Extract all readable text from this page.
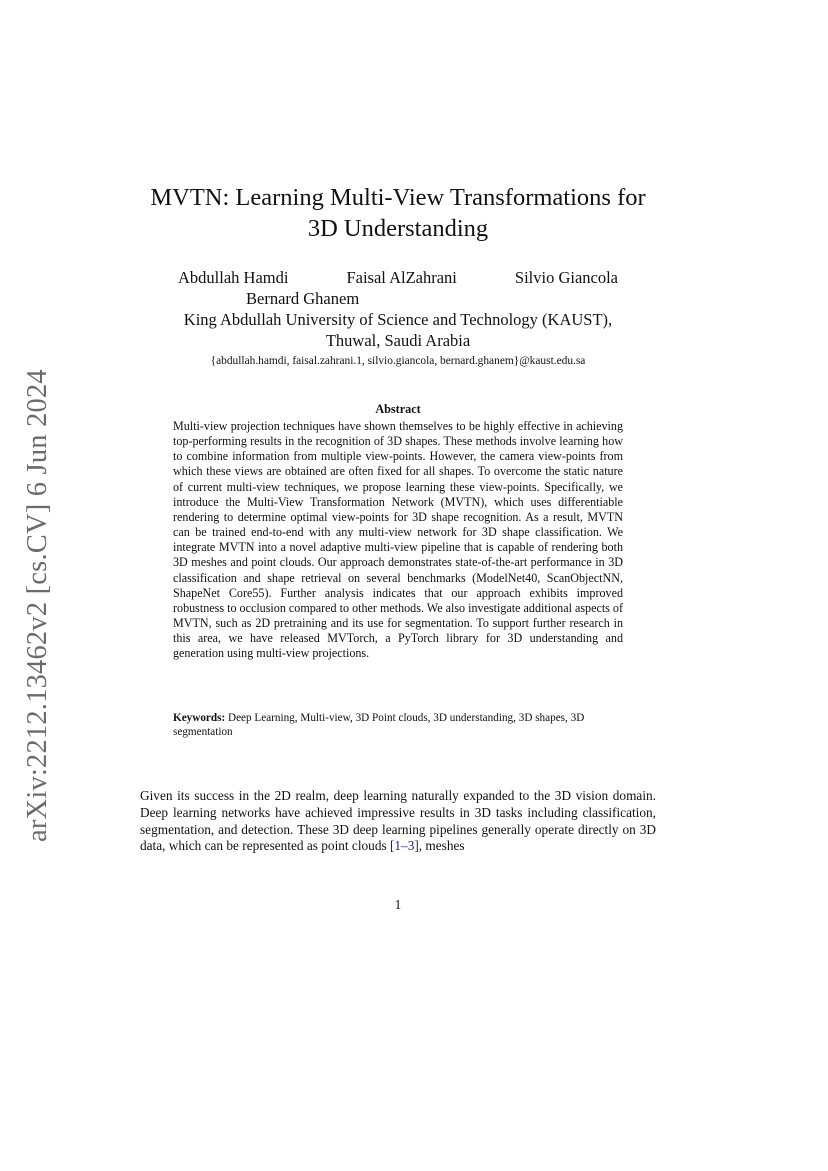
arXiv:2212.13462v2 [cs.CV] 6 Jun 2024
MVTN: Learning Multi-View Transformations for
3D Understanding
Abdullah Hamdi	Faisal AlZahrani	Silvio Giancola
Bernard Ghanem
King Abdullah University of Science and Technology (KAUST),
Thuwal, Saudi Arabia
{abdullah.hamdi, faisal.zahrani.1, silvio.giancola, bernard.ghanem}@kaust.edu.sa
Abstract

Multi-view projection techniques have shown themselves to be highly effective in achieving top-performing results in the recognition of 3D shapes. These methods involve learning how to combine information from multiple view-points. However, the camera view-points from which these views are obtained are often fixed for all shapes. To overcome the static nature of current multi-view techniques, we propose learning these view-points. Specifically, we introduce the Multi-View Transformation Network (MVTN), which uses differentiable rendering to determine optimal view-points for 3D shape recognition. As a result, MVTN can be trained end-to-end with any multi-view network for 3D shape classification. We integrate MVTN into a novel adaptive multi-view pipeline that is capable of rendering both 3D meshes and point clouds. Our approach demonstrates state-of-the-art performance in 3D classification and shape retrieval on several benchmarks (ModelNet40, ScanObjectNN, ShapeNet Core55). Further analysis indicates that our approach exhibits improved robustness to occlusion compared to other methods. We also investigate additional aspects of MVTN, such as 2D pretraining and its use for segmentation. To support further research in this area, we have released MVTorch, a PyTorch library for 3D understanding and generation using multi-view projections.

Keywords: Deep Learning, Multi-view, 3D Point clouds, 3D understanding, 3D shapes, 3D segmentation

Given its success in the 2D realm, deep learning naturally expanded to the 3D vision domain. Deep learning networks have achieved impressive results in 3D tasks including classification, segmentation, and detection. These 3D deep learning pipelines generally operate directly on 3D data, which can be represented as point clouds [1–3], meshes

1
